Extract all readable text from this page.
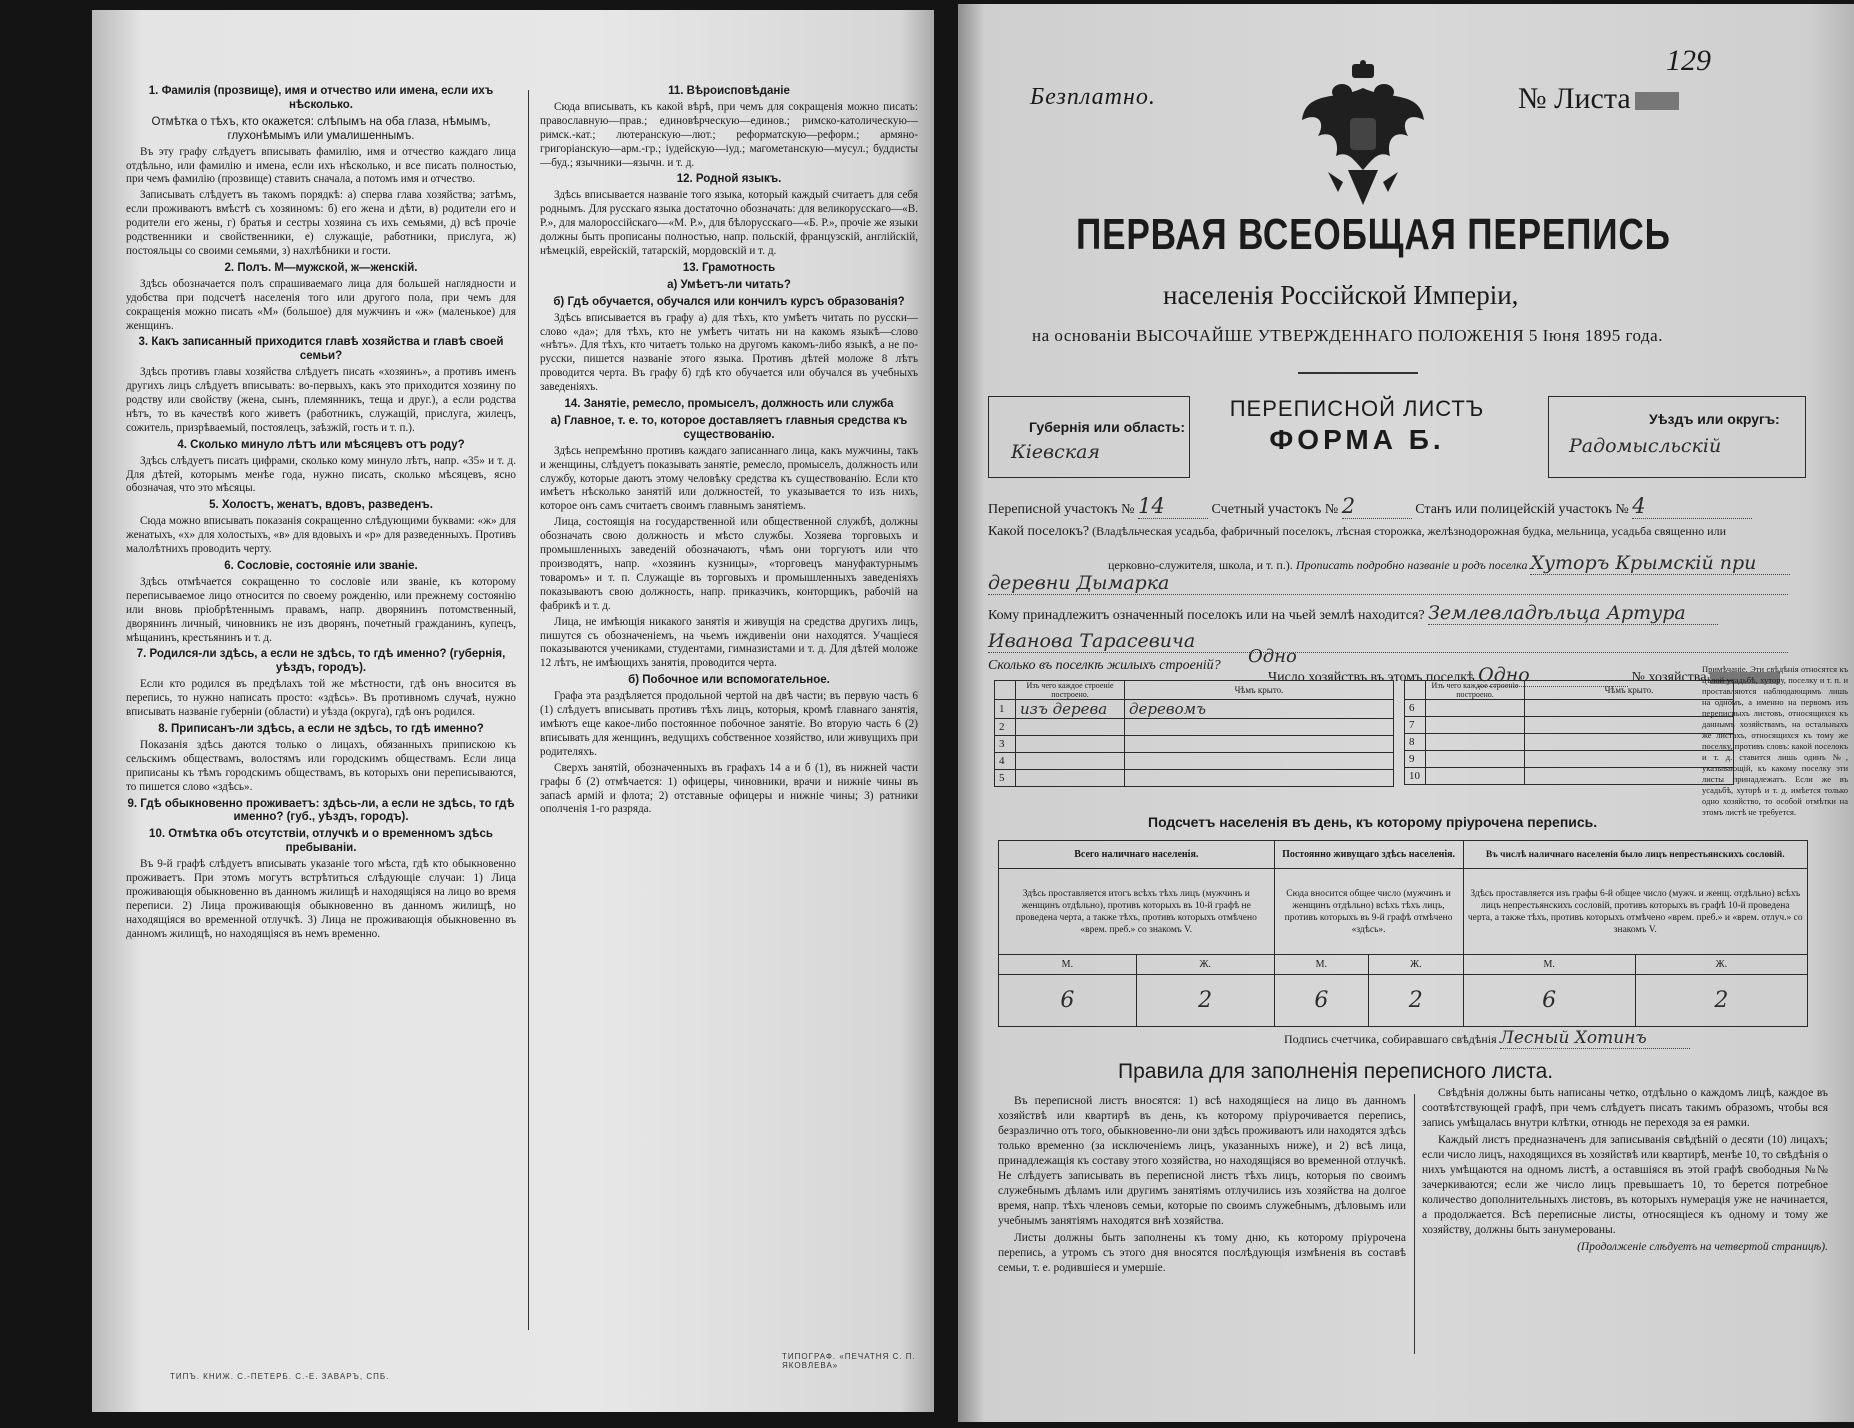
1. Фамилія (прозвище), имя и отчество или имена, если ихъ нѣсколько.
Отмѣтка о тѣхъ, кто окажется: слѣпымъ на оба глаза, нѣмымъ, глухонѣмымъ или умалишеннымъ.

Въ эту графу слѣдуетъ вписывать фамилію, имя и отчество каждаго лица отдѣльно, или фамилію и имена, если ихъ нѣсколько, и все писать полностью, при чемъ фамилію (прозвище) ставить сначала, а потомъ имя и отчество.

Записывать слѣдуетъ въ такомъ порядкѣ: а) сперва глава хозяйства; затѣмъ, если проживаютъ вмѣстѣ съ хозяиномъ: б) его жена и дѣти, в) родители его и родители его жены, г) братья и сестры хозяина съ ихъ семьями, д) всѣ прочіе родственники и свойственники, е) служащіе, работники, прислуга, ж) постояльцы со своими семьями, з) нахлѣбники и гости.

2. Полъ. М—мужской, ж—женскій.

Здѣсь обозначается полъ спрашиваемаго лица для большей наглядности и удобства при подсчетѣ населенія того или другого пола, при чемъ для сокращенія можно писать «М» (большое) для мужчинъ и «ж» (маленькое) для женщинъ.

3. Какъ записанный приходится главѣ хозяйства и главѣ своей семьи?

Здѣсь противъ главы хозяйства слѣдуетъ писать «хозяинъ», а противъ именъ другихъ лицъ слѣдуетъ вписывать: во-первыхъ, какъ это приходится хозяину по родству или свойству (жена, сынъ, племянникъ, теща и друг.), а если родства нѣтъ, то въ качествѣ кого живетъ (работникъ, служащій, прислуга, жилецъ, сожитель, призрѣваемый, постоялецъ, заѣзжій, гость и т. п.).

4. Сколько минуло лѣтъ или мѣсяцевъ отъ роду?

Здѣсь слѣдуетъ писать цифрами, сколько кому минуло лѣтъ, напр. «35» и т. д. Для дѣтей, которымъ менѣе года, нужно писать, сколько мѣсяцевъ, ясно обозначая, что это мѣсяцы.

5. Холостъ, женатъ, вдовъ, разведенъ.

Сюда можно вписывать показанія сокращенно слѣдующими буквами: «ж» для женатыхъ, «х» для холостыхъ, «в» для вдовыхъ и «р» для разведенныхъ. Противъ малолѣтнихъ проводить черту.

6. Сословіе, состояніе или званіе.

Здѣсь отмѣчается сокращенно то сословіе или званіе, къ которому переписываемое лицо относится по своему рожденію, или прежнему состоянію или вновь пріобрѣтеннымъ правамъ, напр. дворянинъ потомственный, дворянинъ личный, чиновникъ не изъ дворянъ, почетный гражданинъ, купецъ, мѣщанинъ, крестьянинъ и т. д.

7. Родился-ли здѣсь, а если не здѣсь, то гдѣ именно? (губернія, уѣздъ, городъ).

Если кто родился въ предѣлахъ той же мѣстности, гдѣ онъ вносится въ перепись, то нужно написать просто: «здѣсь». Въ противномъ случаѣ, нужно вписывать названіе губерніи (области) и уѣзда (округа), гдѣ онъ родился.

8. Приписанъ-ли здѣсь, а если не здѣсь, то гдѣ именно?

Показанія здѣсь даются только о лицахъ, обязанныхъ припискою къ сельскимъ обществамъ, волостямъ или городскимъ обществамъ. Если лица приписаны къ тѣмъ городскимъ обществамъ, въ которыхъ они переписываются, то пишется слово «здѣсь».

9. Гдѣ обыкновенно проживаетъ: здѣсь-ли, а если не здѣсь, то гдѣ именно? (губ., уѣздъ, городъ).
10. Отмѣтка объ отсутствіи, отлучкѣ и о временномъ здѣсь пребываніи.

Въ 9-й графѣ слѣдуетъ вписывать указаніе того мѣста, гдѣ кто обыкновенно проживаетъ. При этомъ могутъ встрѣтиться слѣдующіе случаи: 1) Лица проживающія обыкновенно въ данномъ жилищѣ и находящіяся на лицо во время переписи. 2) Лица проживающія обыкновенно въ данномъ жилищѣ, но находящіяся во временной отлучкѣ. 3) Лица не проживающія обыкновенно въ данномъ жилищѣ, но находящіяся въ немъ временно.

11. Вѣроисповѣданіе

Сюда вписывать, къ какой вѣрѣ, при чемъ для сокращенія можно писать: православную—прав.; единовѣрческую—единов.; римско-католическую—римск.-кат.; лютеранскую—лют.; реформатскую—реформ.; армяно-григоріанскую—арм.-гр.; іудейскую—іуд.; магометанскую—мусул.; буддисты—буд.; язычники—язычн. и т. д.

12. Родной языкъ.

Здѣсь вписывается названіе того языка, который каждый считаетъ для себя роднымъ. Для русскаго языка достаточно обозначать: для великорусскаго—«В. Р.», для малороссійскаго—«М. Р.», для бѣлорусскаго—«Б. Р.», прочіе же языки должны быть прописаны полностью, напр. польскій, французскій, англійскій, нѣмецкій, еврейскій, татарскій, мордовскій и т. д.

13. Грамотность
а) Умѣетъ-ли читать?
б) Гдѣ обучается, обучался или кончилъ курсъ образованія?

Здѣсь вписывается въ графу а) для тѣхъ, кто умѣетъ читать по русски—слово «да»; для тѣхъ, кто не умѣетъ читать ни на какомъ языкѣ—слово «нѣтъ». Для тѣхъ, кто читаетъ только на другомъ какомъ-либо языкѣ, а не по-русски, пишется названіе этого языка. Противъ дѣтей моложе 8 лѣтъ проводится черта. Въ графу б) гдѣ кто обучается или обучался въ учебныхъ заведеніяхъ.

14. Занятіе, ремесло, промыселъ, должность или служба
а) Главное, т. е. то, которое доставляетъ главныя средства къ существованію.

Здѣсь непремѣнно противъ каждаго записаннаго лица, какъ мужчины, такъ и женщины, слѣдуетъ показывать занятіе, ремесло, промыселъ, должность или службу, которые даютъ этому человѣку средства къ существованію. Если кто имѣетъ нѣсколько занятій или должностей, то указывается то изъ нихъ, которое онъ самъ считаетъ своимъ главнымъ занятіемъ.

Лица, состоящія на государственной или общественной службѣ, должны обозначать свою должность и мѣсто службы. Хозяева торговыхъ и промышленныхъ заведеній обозначаютъ, чѣмъ они торгуютъ или что производятъ, напр. «хозяинъ кузницы», «торговецъ мануфактурнымъ товаромъ» и т. п. Служащіе въ торговыхъ и промышленныхъ заведеніяхъ показываютъ свою должность, напр. приказчикъ, конторщикъ, рабочій на фабрикѣ и т. д.

Лица, не имѣющія никакого занятія и живущія на средства другихъ лицъ, пишутся съ обозначеніемъ, на чьемъ иждивеніи они находятся. Учащіеся показываются учениками, студентами, гимназистами и т. д. Для дѣтей моложе 12 лѣтъ, не имѣющихъ занятія, проводится черта.

б) Побочное или вспомогательное.

Графа эта раздѣляется продольной чертой на двѣ части; въ первую часть 6 (1) слѣдуетъ вписывать противъ тѣхъ лицъ, которыя, кромѣ главнаго занятія, имѣютъ еще какое-либо постоянное побочное занятіе. Во вторую часть 6 (2) вписывать для женщинъ, ведущихъ собственное хозяйство, или живущихъ при родителяхъ.

Сверхъ занятій, обозначенныхъ въ графахъ 14 а и б (1), въ нижней части графы б (2) отмѣчается: 1) офицеры, чиновники, врачи и нижніе чины въ запасѣ армій и флота; 2) отставные офицеры и нижніе чины; 3) ратники ополченія 1-го разряда.

ТИПЪ. КНИЖ. С.-ПЕТЕРБ. С.-Е. ЗАВАРЪ, СПБ.
ТИПОГРАФ. «ПЕЧАТНЯ С. П. ЯКОВЛЕВА»
Безплатно.	№ Листа
129
ПЕРВАЯ ВСЕОБЩАЯ ПЕРЕПИСЬ
населенія Россійской Имперіи,
на основаніи ВЫСОЧАЙШЕ УТВЕРЖДЕННАГО ПОЛОЖЕНІЯ 5 Іюня 1895 года.
Губернія или область:
Кіевская
ПЕРЕПИСНОЙ ЛИСТЪ
ФОРМА Б.
Уѣздъ или округъ:
Радомысльскій
Переписной участокъ № 14	Счетный участокъ № 2	Станъ или полицейскій участокъ № 4
Какой поселокъ? (Владѣльческая усадьба, фабричный поселокъ, лѣсная сторожка, желѣзнодорожная будка, мельница, усадьба священно или
церковно-служителя, школа, и т. п.). Прописать подробно названіе и родъ поселка Хуторъ Крымскій при
деревни Дымарка
Кому принадлежитъ означенный поселокъ или на чьей землѣ находится? Землевладѣльца Артура
Иванова Тарасевича
Число хозяйствъ въ этомъ поселкѣ Одно	№ хозяйства
Сколько въ поселкѣ жилыхъ строеній? Одно
	Изъ чего каждое строеніе построено.	Чѣмъ крыто.
1	изъ дерева	деревомъ
2		
3		
4		
5		
	Изъ чего каждое строеніе построено.	Чѣмъ крыто.
6		
7		
8		
9		
10		
Примѣчаніе. Эти свѣдѣнія относятся къ цѣлой усадьбѣ, хутору, поселку и т. п. и проставляются наблюдающимъ лишь на одномъ, а именно на первомъ изъ переписныхъ листовъ, относящихся къ даннымъ хозяйствамъ, на остальныхъ же листахъ, относящихся къ тому же поселку, противъ словъ: какой поселокъ и т. д. ставится лишь одинъ №, указывающій, къ какому поселку эти листы принадлежатъ. Если же въ усадьбѣ, хуторѣ и т. д. имѣется только одно хозяйство, то особой отмѣтки на этомъ листѣ не требуется.
Подсчетъ населенія въ день, къ которому пріурочена перепись.
Всего наличнаго населенія.		Постоянно живущаго здѣсь населенія.		Въ числѣ наличнаго населенія было лицъ непрестьянскихъ сословій.	
Здѣсь проставляется итогъ всѣхъ тѣхъ лицъ (мужчинъ и женщинъ отдѣльно), противъ которыхъ въ 10-й графѣ не проведена черта, а также тѣхъ, противъ которыхъ отмѣчено «врем. преб.» со знакомъ V.		Сюда вносится общее число (мужчинъ и женщинъ отдѣльно) всѣхъ тѣхъ лицъ, противъ которыхъ въ 9-й графѣ отмѣчено «здѣсь».		Здѣсь проставляется изъ графы 6-й общее число (мужч. и женщ. отдѣльно) всѣхъ лицъ непрестьянскихъ сословій, противъ которыхъ въ графѣ 10-й проведена черта, а также тѣхъ, противъ которыхъ отмѣчено «врем. преб.» и «врем. отлуч.» со знакомъ V.	
М.	Ж.	М.	Ж.	М.	Ж.
6	2	6	2	6	2
Подпись счетчика, собиравшаго свѣдѣнія Лесный Хотинъ
Правила для заполненія переписного листа.

Въ переписной листъ вносятся: 1) всѣ находящіеся на лицо въ данномъ хозяйствѣ или квартирѣ въ день, къ которому пріурочивается перепись, безразлично отъ того, обыкновенно-ли они здѣсь проживаютъ или находятся здѣсь только временно (за исключеніемъ лицъ, указанныхъ ниже), и 2) всѣ лица, принадлежащія къ составу этого хозяйства, но находящіяся во временной отлучкѣ. Не слѣдуетъ записывать въ переписной листъ тѣхъ лицъ, которыя по своимъ служебнымъ дѣламъ или другимъ занятіямъ отлучились изъ хозяйства на долгое время, напр. тѣхъ членовъ семьи, которые по своимъ служебнымъ, дѣловымъ или учебнымъ занятіямъ находятся внѣ хозяйства.

Листы должны быть заполнены къ тому дню, къ которому пріурочена перепись, а утромъ съ этого дня вносятся послѣдующія измѣненія въ составѣ семьи, т. е. родившіеся и умершіе.

Свѣдѣнія должны быть написаны четко, отдѣльно о каждомъ лицѣ, каждое въ соотвѣтствующей графѣ, при чемъ слѣдуетъ писать такимъ образомъ, чтобы вся запись умѣщалась внутри клѣтки, отнюдь не переходя за ея рамки.

Каждый листъ предназначенъ для записыванія свѣдѣній о десяти (10) лицахъ; если число лицъ, находящихся въ хозяйствѣ или квартирѣ, менѣе 10, то свѣдѣнія о нихъ умѣщаются на одномъ листѣ, а оставшіяся въ этой графѣ свободныя №№ зачеркиваются; если же число лицъ превышаетъ 10, то берется потребное количество дополнительныхъ листовъ, въ которыхъ нумерація уже не начинается, а продолжается. Всѣ переписные листы, относящіеся къ одному и тому же хозяйству, должны быть занумерованы.

(Продолженіе слѣдуетъ на четвертой страницѣ).
